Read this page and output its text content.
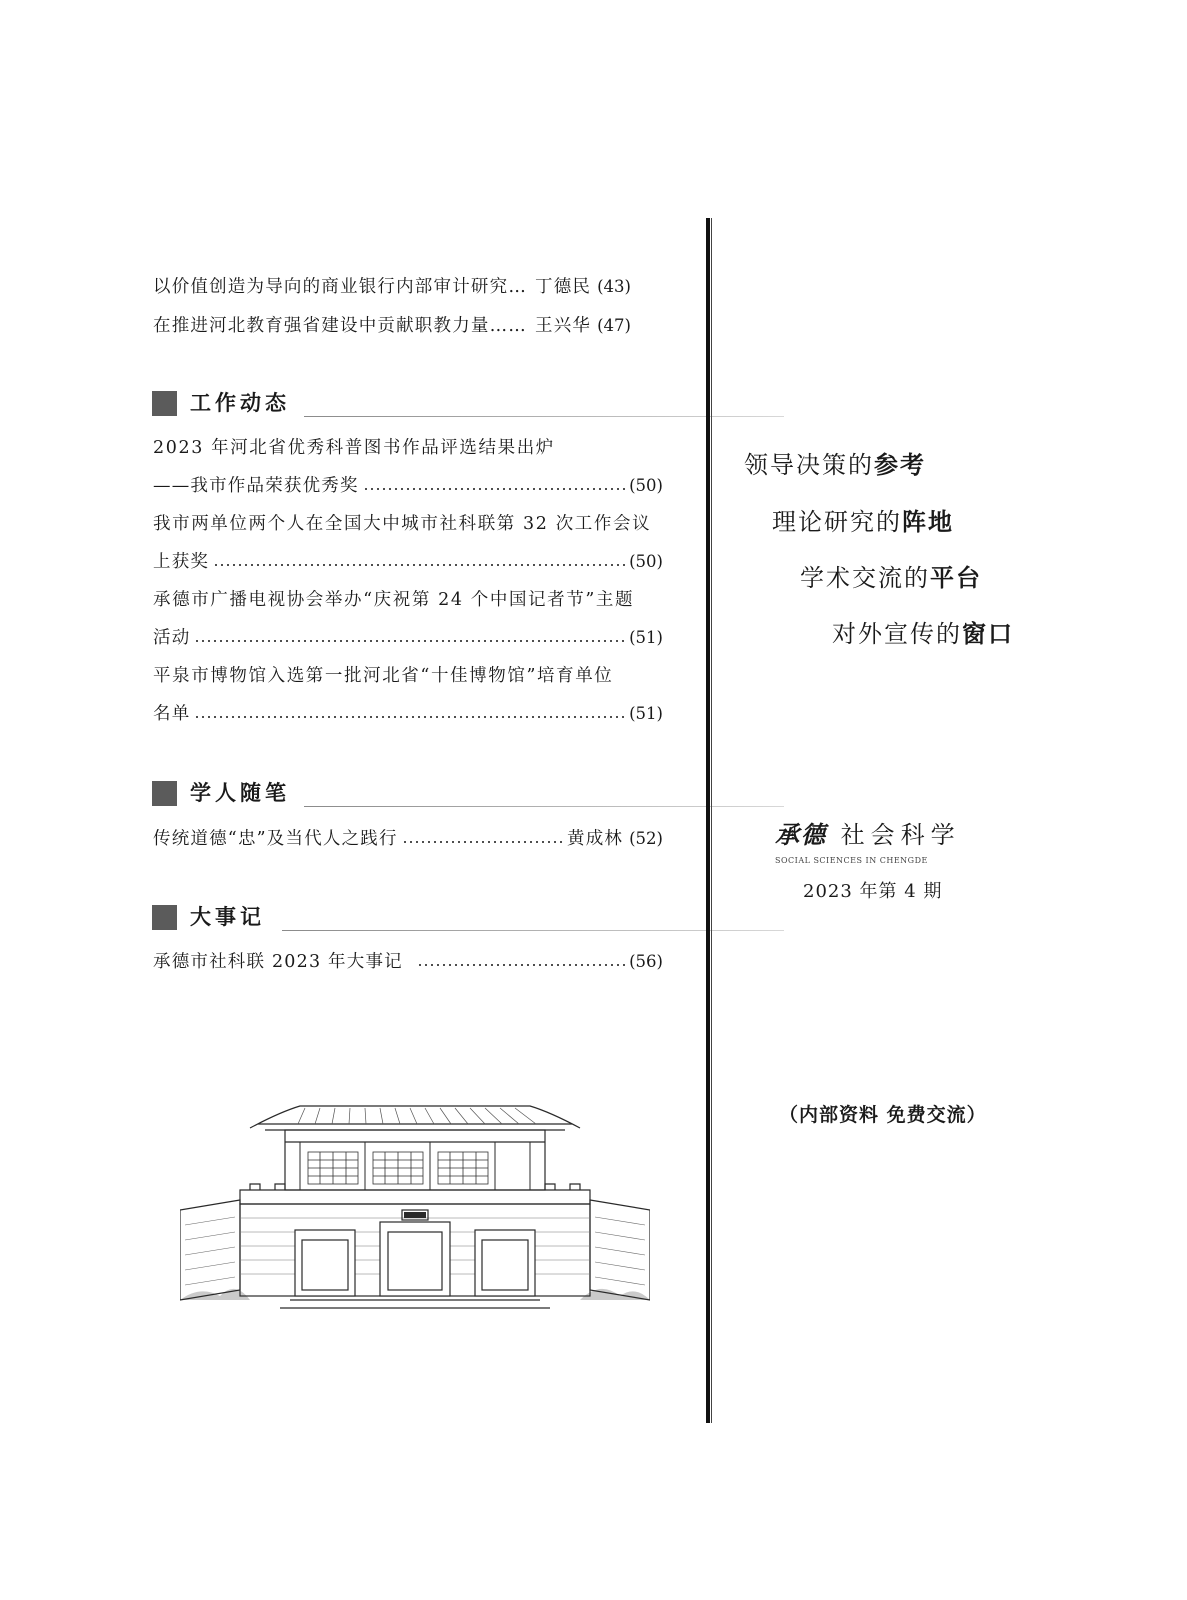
以价值创造为导向的商业银行内部审计研究 … 丁德民 (43)
在推进河北教育强省建设中贡献职教力量 …… 王兴华 (47)
工作动态
2023 年河北省优秀科普图书作品评选结果出炉
——我市作品荣获优秀奖	(50)
我市两单位两个人在全国大中城市社科联第 32 次工作会议
上获奖	(50)
承德市广播电视协会举办“庆祝第 24 个中国记者节”主题
活动	(51)
平泉市博物馆入选第一批河北省“十佳博物馆”培育单位
名单	(51)
学人随笔
传统道德“忠”及当代人之践行	黄成林 (52)
大事记
承德市社科联 2023 年大事记	(56)
领导决策的参考
理论研究的阵地
学术交流的平台
对外宣传的窗口
承德 社会科学
SOCIAL SCIENCES IN CHENGDE
2023 年第 4 期
（内部资料 免费交流）
